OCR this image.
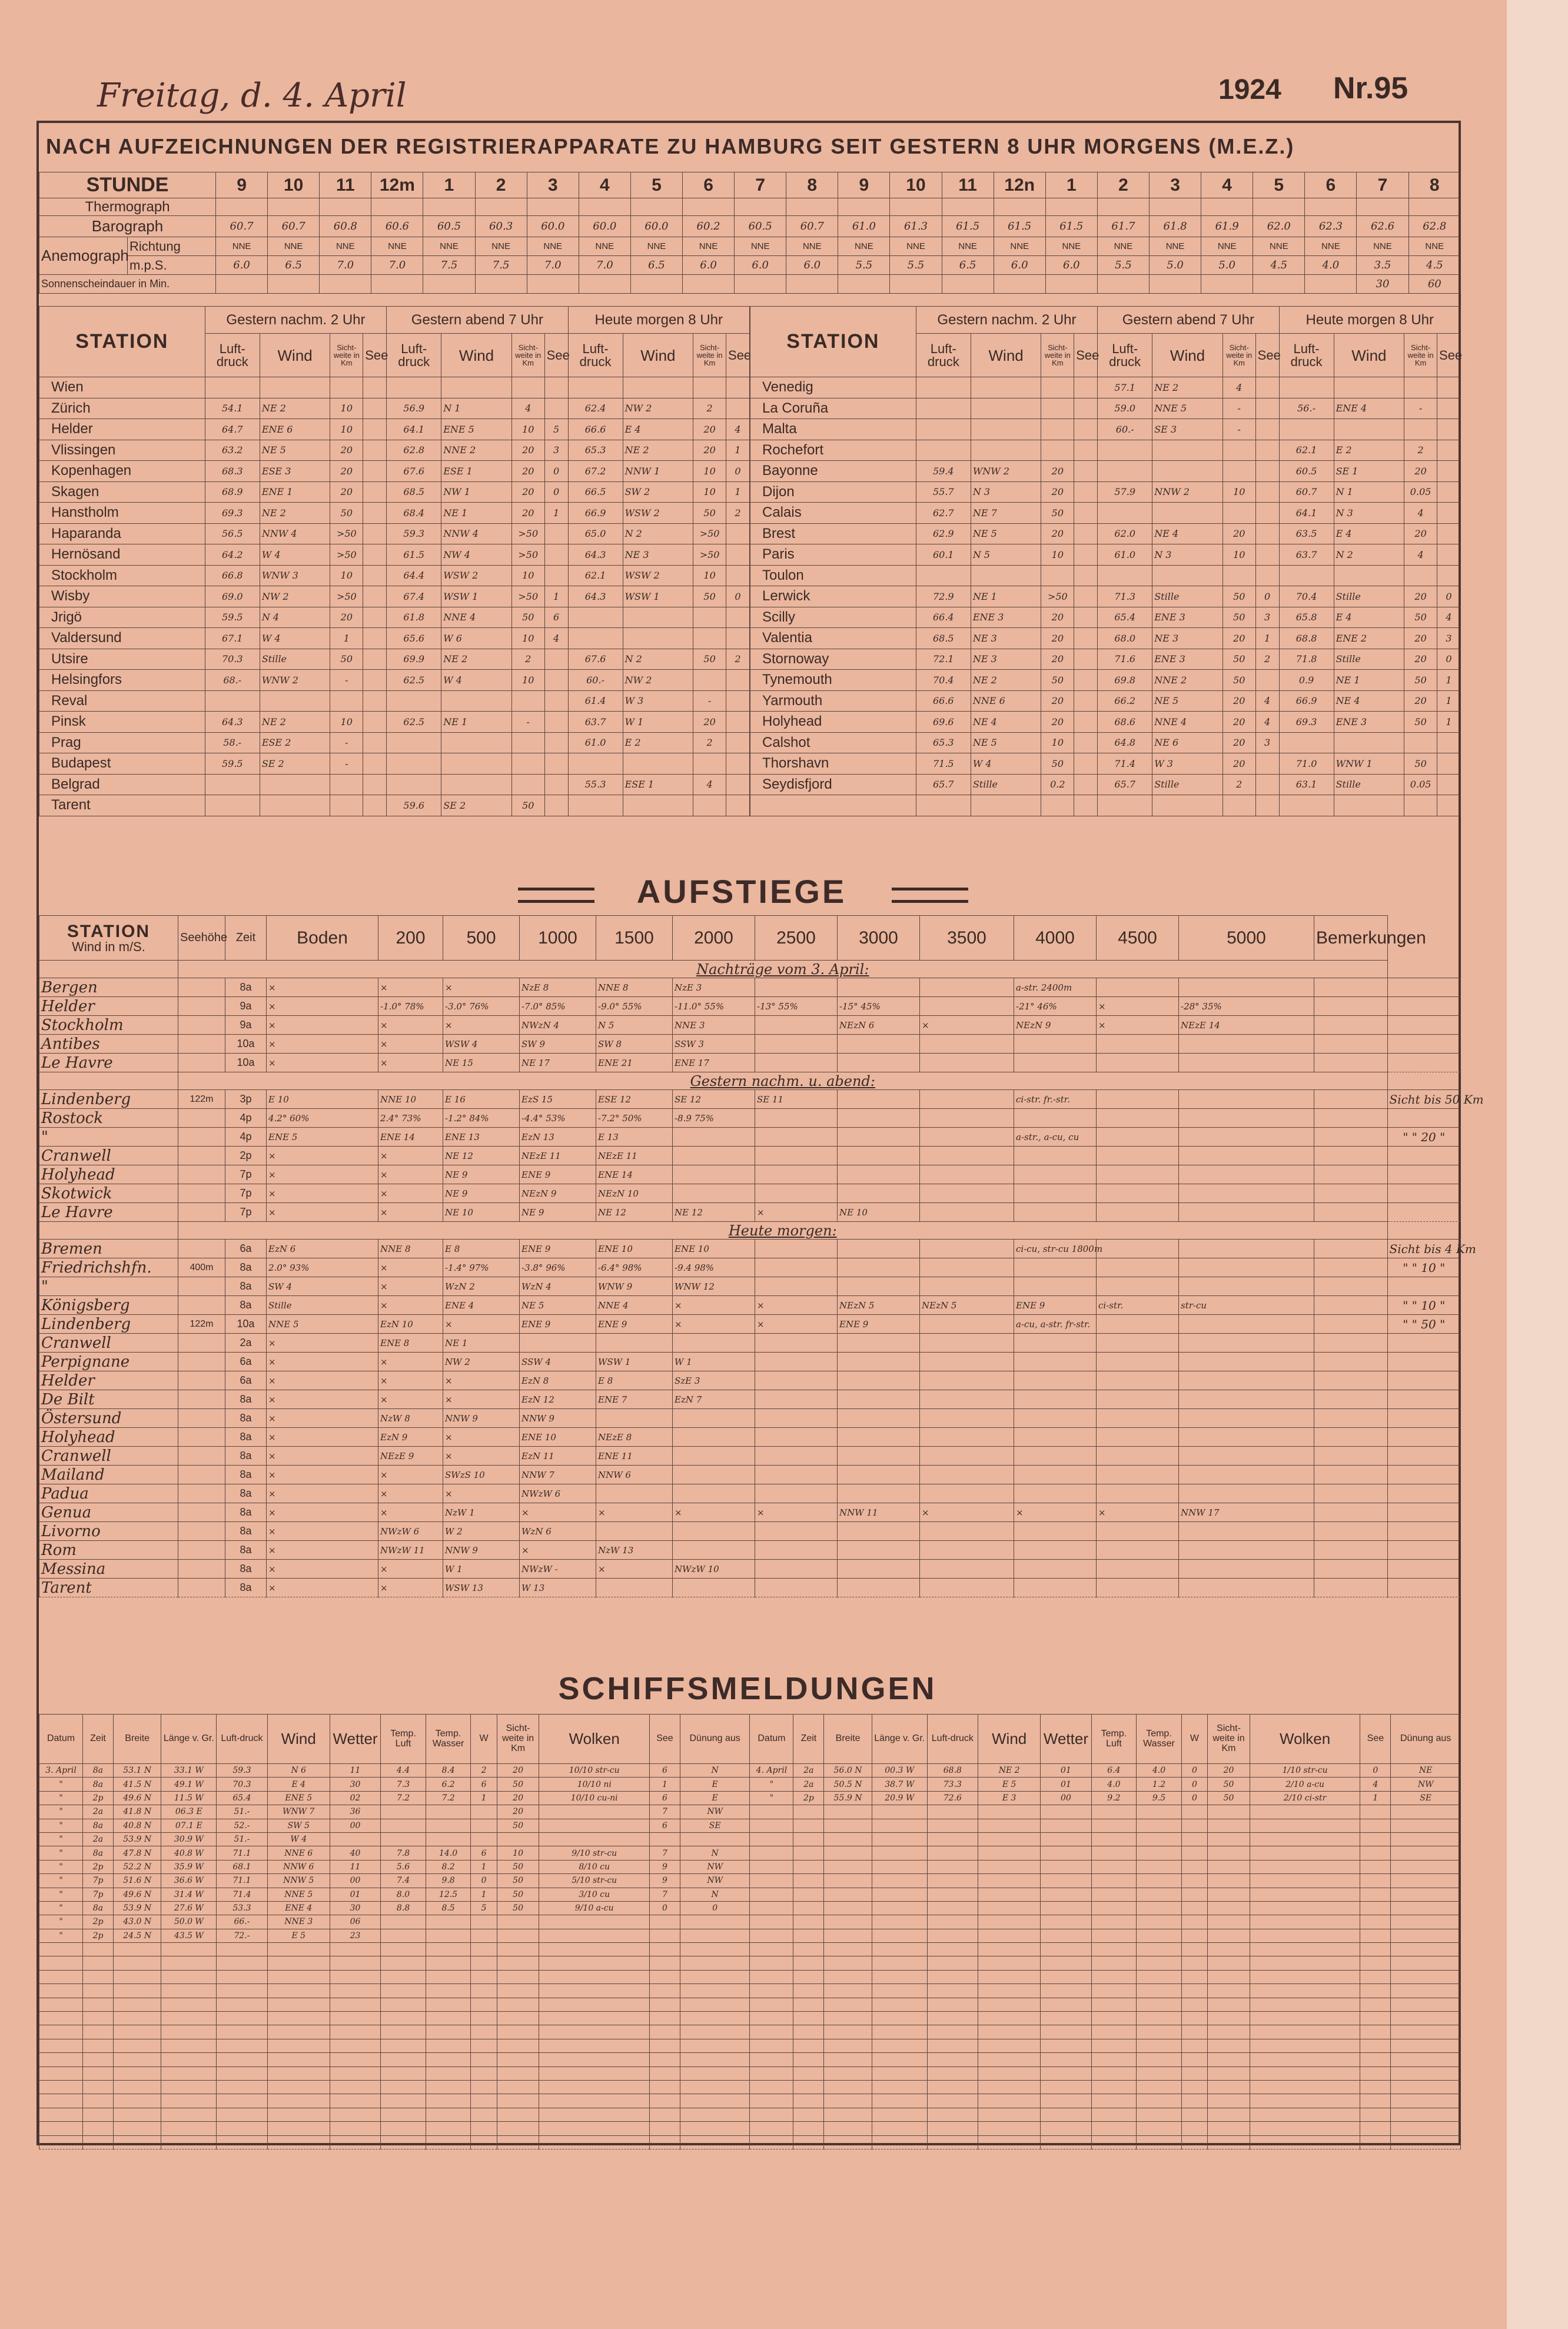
Freitag, d. 4. April	1924 Nr.95
NACH AUFZEICHNUNGEN DER REGISTRIERAPPARATE ZU HAMBURG SEIT GESTERN 8 UHR MORGENS (M.E.Z.)
STUNDE		9	10	11	12m	1	2	3	4	5	6	7	8	9	10	11	12n	1	2	3	4	5	6	7	8
Thermograph																									
Barograph		60.7	60.7	60.8	60.6	60.5	60.3	60.0	60.0	60.0	60.2	60.5	60.7	61.0	61.3	61.5	61.5	61.5	61.7	61.8	61.9	62.0	62.3	62.6	62.8
Anemograph	Richtung	NNE	NNE	NNE	NNE	NNE	NNE	NNE	NNE	NNE	NNE	NNE	NNE	NNE	NNE	NNE	NNE	NNE	NNE	NNE	NNE	NNE	NNE	NNE	NNE
	m.p.S.	6.0	6.5	7.0	7.0	7.5	7.5	7.0	7.0	6.5	6.0	6.0	6.0	5.5	5.5	6.5	6.0	6.0	5.5	5.0	5.0	4.5	4.0	3.5	4.5
Sonnenscheindauer in Min.																								30	60
STATION	Gestern nachm. 2 Uhr				Gestern abend 7 Uhr				Heute morgen 8 Uhr			
	Luft-druck	Wind	Sicht-weite in Km	See	Luft-druck	Wind	Sicht-weite in Km	See	Luft-druck	Wind	Sicht-weite in Km	See
Wien												
Zürich	54.1	NE 2	10		56.9	N 1	4		62.4	NW 2	2	
Helder	64.7	ENE 6	10		64.1	ENE 5	10	5	66.6	E 4	20	4
Vlissingen	63.2	NE 5	20		62.8	NNE 2	20	3	65.3	NE 2	20	1
Kopenhagen	68.3	ESE 3	20		67.6	ESE 1	20	0	67.2	NNW 1	10	0
Skagen	68.9	ENE 1	20		68.5	NW 1	20	0	66.5	SW 2	10	1
Hanstholm	69.3	NE 2	50		68.4	NE 1	20	1	66.9	WSW 2	50	2
Haparanda	56.5	NNW 4	>50		59.3	NNW 4	>50		65.0	N 2	>50	
Hernösand	64.2	W 4	>50		61.5	NW 4	>50		64.3	NE 3	>50	
Stockholm	66.8	WNW 3	10		64.4	WSW 2	10		62.1	WSW 2	10	
Wisby	69.0	NW 2	>50		67.4	WSW 1	>50	1	64.3	WSW 1	50	0
Jrigö	59.5	N 4	20		61.8	NNE 4	50	6				
Valdersund	67.1	W 4	1		65.6	W 6	10	4				
Utsire	70.3	Stille	50		69.9	NE 2	2		67.6	N 2	50	2
Helsingfors	68.-	WNW 2	-		62.5	W 4	10		60.-	NW 2		
Reval									61.4	W 3	-	
Pinsk	64.3	NE 2	10		62.5	NE 1	-		63.7	W 1	20	
Prag	58.-	ESE 2	-						61.0	E 2	2	
Budapest	59.5	SE 2	-									
Belgrad									55.3	ESE 1	4	
Tarent					59.6	SE 2	50					
STATION	Gestern nachm. 2 Uhr				Gestern abend 7 Uhr				Heute morgen 8 Uhr			
	Luft-druck	Wind	Sicht-weite in Km	See	Luft-druck	Wind	Sicht-weite in Km	See	Luft-druck	Wind	Sicht-weite in Km	See
Venedig					57.1	NE 2	4					
La Coruña					59.0	NNE 5	-		56.-	ENE 4	-	
Malta					60.-	SE 3	-					
Rochefort									62.1	E 2	2	
Bayonne	59.4	WNW 2	20						60.5	SE 1	20	
Dijon	55.7	N 3	20		57.9	NNW 2	10		60.7	N 1	0.05	
Calais	62.7	NE 7	50						64.1	N 3	4	
Brest	62.9	NE 5	20		62.0	NE 4	20		63.5	E 4	20	
Paris	60.1	N 5	10		61.0	N 3	10		63.7	N 2	4	
Toulon												
Lerwick	72.9	NE 1	>50		71.3	Stille	50	0	70.4	Stille	20	0
Scilly	66.4	ENE 3	20		65.4	ENE 3	50	3	65.8	E 4	50	4
Valentia	68.5	NE 3	20		68.0	NE 3	20	1	68.8	ENE 2	20	3
Stornoway	72.1	NE 3	20		71.6	ENE 3	50	2	71.8	Stille	20	0
Tynemouth	70.4	NE 2	50		69.8	NNE 2	50		0.9	NE 1	50	1
Yarmouth	66.6	NNE 6	20		66.2	NE 5	20	4	66.9	NE 4	20	1
Holyhead	69.6	NE 4	20		68.6	NNE 4	20	4	69.3	ENE 3	50	1
Calshot	65.3	NE 5	10		64.8	NE 6	20	3				
Thorshavn	71.5	W 4	50		71.4	W 3	20		71.0	WNW 1	50	
Seydisfjord	65.7	Stille	0.2		65.7	Stille	2		63.1	Stille	0.05	

AUFSTIEGE
STATION
Wind in m/S.	Seehöhe	Zeit	Boden	200	500	1000	1500	2000	2500	3000	3500	4000	4500	5000	Bemerkungen	
	Nachträge vom 3. April:															
Bergen		8a	×	×	×	NzE 8	NNE 8	NzE 3				a-str. 2400m				
Helder		9a	×	-1.0° 78%	-3.0° 76%	-7.0° 85%	-9.0° 55%	-11.0° 55%	-13° 55%	-15° 45%		-21° 46%	×	-28° 35%		
Stockholm		9a	×	×	×	NWzN 4	N 5	NNE 3		NEzN 6	×	NEzN 9	×	NEzE 14		
Antibes		10a	×	×	WSW 4	SW 9	SW 8	SSW 3								
Le Havre		10a	×	×	NE 15	NE 17	ENE 21	ENE 17								
	Gestern nachm. u. abend:															
Lindenberg	122m	3p	E 10	NNE 10	E 16	EzS 15	ESE 12	SE 12	SE 11			ci-str. fr.-str.				Sicht bis 50 Km
Rostock		4p	4.2° 60%	2.4° 73%	-1.2° 84%	-4.4° 53%	-7.2° 50%	-8.9 75%								
"		4p	ENE 5	ENE 14	ENE 13	EzN 13	E 13					a-str., a-cu, cu				" " 20 "
Cranwell		2p	×	×	NE 12	NEzE 11	NEzE 11									
Holyhead		7p	×	×	NE 9	ENE 9	ENE 14									
Skotwick		7p	×	×	NE 9	NEzN 9	NEzN 10									
Le Havre		7p	×	×	NE 10	NE 9	NE 12	NE 12	×	NE 10						
	Heute morgen:															
Bremen		6a	EzN 6	NNE 8	E 8	ENE 9	ENE 10	ENE 10				ci-cu, str-cu 1800m				Sicht bis 4 Km
Friedrichshfn.	400m	8a	2.0° 93%	×	-1.4° 97%	-3.8° 96%	-6.4° 98%	-9.4 98%								" " 10 "
"		8a	SW 4	×	WzN 2	WzN 4	WNW 9	WNW 12								
Königsberg		8a	Stille	×	ENE 4	NE 5	NNE 4	×	×	NEzN 5	NEzN 5	ENE 9	ci-str.	str-cu		" " 10 "
Lindenberg	122m	10a	NNE 5	EzN 10	×	ENE 9	ENE 9	×	×	ENE 9		a-cu, a-str. fr-str.				" " 50 "
Cranwell		2a	×	ENE 8	NE 1											
Perpignane		6a	×	×	NW 2	SSW 4	WSW 1	W 1								
Helder		6a	×	×	×	EzN 8	E 8	SzE 3								
De Bilt		8a	×	×	×	EzN 12	ENE 7	EzN 7								
Östersund		8a	×	NzW 8	NNW 9	NNW 9										
Holyhead		8a	×	EzN 9	×	ENE 10	NEzE 8									
Cranwell		8a	×	NEzE 9	×	EzN 11	ENE 11									
Mailand		8a	×	×	SWzS 10	NNW 7	NNW 6									
Padua		8a	×	×	×	NWzW 6										
Genua		8a	×	×	NzW 1	×	×	×	×	NNW 11	×	×	×	NNW 17		
Livorno		8a	×	NWzW 6	W 2	WzN 6										
Rom		8a	×	NWzW 11	NNW 9	×	NzW 13									
Messina		8a	×	×	W 1	NWzW -	×	NWzW 10								
Tarent		8a	×	×	WSW 13	W 13										
SCHIFFSMELDUNGEN
Datum	Zeit	Breite	Länge v. Gr.	Luft-druck	Wind	Wetter	Temp. Luft	Temp. Wasser	W	Sicht-weite in Km	Wolken	See	Dünung aus	Datum	Zeit	Breite	Länge v. Gr.	Luft-druck	Wind	Wetter	Temp. Luft	Temp. Wasser	W	Sicht-weite in Km	Wolken	See	Dünung aus
3. April	8a	53.1 N	33.1 W	59.3	N 6	11	4.4	8.4	2	20	10/10 str-cu	6	N	4. April	2a	56.0 N	00.3 W	68.8	NE 2	01	6.4	4.0	0	20	1/10 str-cu	0	NE
"	8a	41.5 N	49.1 W	70.3	E 4	30	7.3	6.2	6	50	10/10 ni	1	E	"	2a	50.5 N	38.7 W	73.3	E 5	01	4.0	1.2	0	50	2/10 a-cu	4	NW
"	2p	49.6 N	11.5 W	65.4	ENE 5	02	7.2	7.2	1	20	10/10 cu-ni	6	E	"	2p	55.9 N	20.9 W	72.6	E 3	00	9.2	9.5	0	50	2/10 ci-str	1	SE
"	2a	41.8 N	06.3 E	51.-	WNW 7	36				20		7	NW														
"	8a	40.8 N	07.1 E	52.-	SW 5	00				50		6	SE														
"	2a	53.9 N	30.9 W	51.-	W 4																						
"	8a	47.8 N	40.8 W	71.1	NNE 6	40	7.8	14.0	6	10	9/10 str-cu	7	N														
"	2p	52.2 N	35.9 W	68.1	NNW 6	11	5.6	8.2	1	50	8/10 cu	9	NW														
"	7p	51.6 N	36.6 W	71.1	NNW 5	00	7.4	9.8	0	50	5/10 str-cu	9	NW														
"	7p	49.6 N	31.4 W	71.4	NNE 5	01	8.0	12.5	1	50	3/10 cu	7	N														
"	8a	53.9 N	27.6 W	53.3	ENE 4	30	8.8	8.5	5	50	9/10 a-cu	0	0														
"	2p	43.0 N	50.0 W	66.-	NNE 3	06																					
"	2p	24.5 N	43.5 W	72.-	E 5	23																					
